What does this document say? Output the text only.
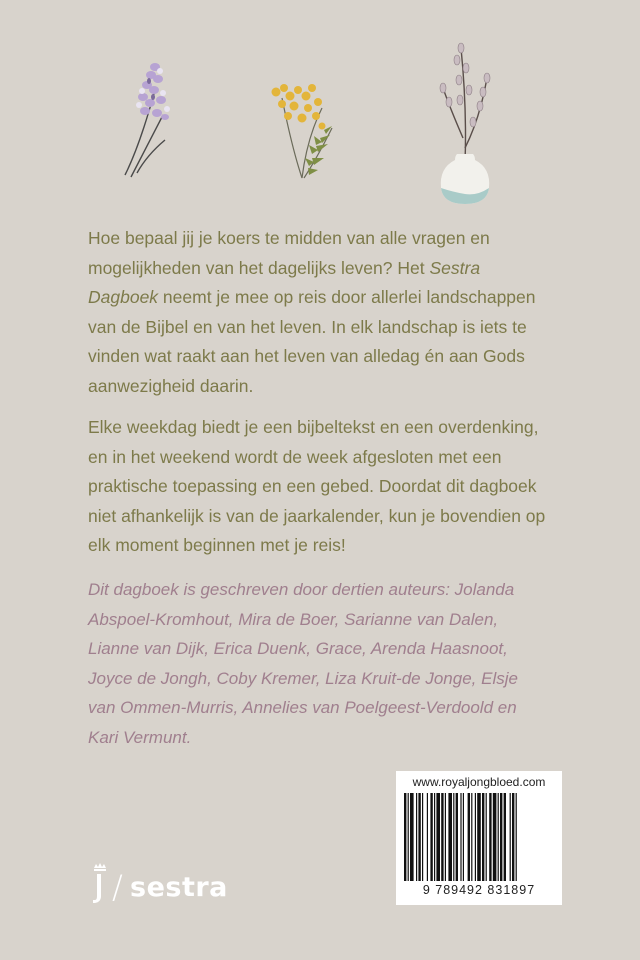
Hoe bepaal jij je koers te midden van alle vragen en mogelijkheden van het dagelijks leven? Het Sestra Dagboek neemt je mee op reis door allerlei landschappen van de Bijbel en van het leven. In elk landschap is iets te vinden wat raakt aan het leven van alledag én aan Gods aanwezigheid daarin.

Elke weekdag biedt je een bijbeltekst en een overdenking, en in het weekend wordt de week afgesloten met een praktische toepassing en een gebed. Doordat dit dagboek niet afhankelijk is van de jaarkalender, kun je bovendien op elk moment beginnen met je reis!

Dit dagboek is geschreven door dertien auteurs: Jolanda Abspoel-Kromhout, Mira de Boer, Sarianne van Dalen, Lianne van Dijk, Erica Duenk, Grace, Arenda Haasnoot, Joyce de Jongh, Coby Kremer, Liza Kruit-de Jonge, Elsje van Ommen-Murris, Annelies van Poelgeest-Verdoold en Kari Vermunt.

www.royaljongbloed.com
9 789492 831897
/ sestra
